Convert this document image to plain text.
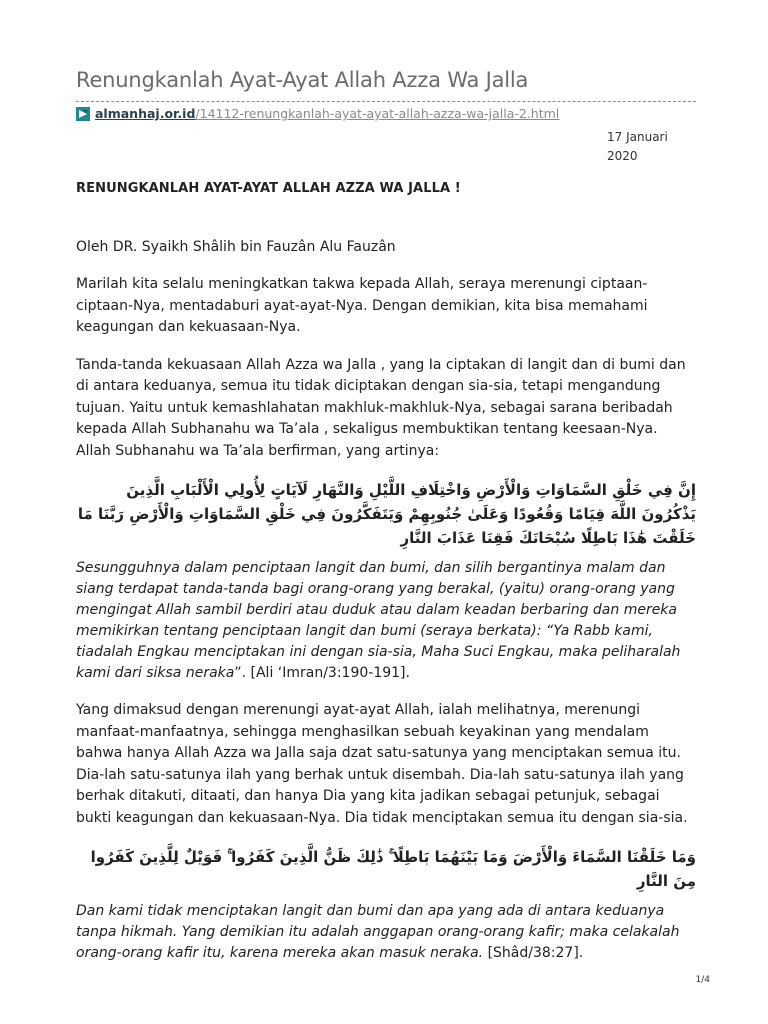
Renungkanlah Ayat-Ayat Allah Azza Wa Jalla
almanhaj.or.id/14112-renungkanlah-ayat-ayat-allah-azza-wa-jalla-2.html
17 Januari 2020

RENUNGKANLAH AYAT-AYAT ALLAH AZZA WA JALLA !

Oleh DR. Syaikh Shâlih bin Fauzân Alu Fauzân

Marilah kita selalu meningkatkan takwa kepada Allah, seraya merenungi ciptaan-ciptaan-Nya, mentadaburi ayat-ayat-Nya. Dengan demikian, kita bisa memahami keagungan dan kekuasaan-Nya.

Tanda-tanda kekuasaan Allah Azza wa Jalla , yang Ia ciptakan di langit dan di bumi dan di antara keduanya, semua itu tidak diciptakan dengan sia-sia, tetapi mengandung tujuan. Yaitu untuk kemashlahatan makhluk-makhluk-Nya, sebagai sarana beribadah kepada Allah Subhanahu wa Ta’ala , sekaligus membuktikan tentang keesaan-Nya. Allah Subhanahu wa Ta’ala berfirman, yang artinya:

إِنَّ فِي خَلْقِ السَّمَاوَاتِ وَالْأَرْضِ وَاخْتِلَافِ اللَّيْلِ وَالنَّهَارِ لَآيَاتٍ لِأُولِي الْأَلْبَابِ الَّذِينَ يَذْكُرُونَ اللَّهَ قِيَامًا وَقُعُودًا وَعَلَىٰ جُنُوبِهِمْ وَيَتَفَكَّرُونَ فِي خَلْقِ السَّمَاوَاتِ وَالْأَرْضِ رَبَّنَا مَا خَلَقْتَ هَٰذَا بَاطِلًا سُبْحَانَكَ فَقِنَا عَذَابَ النَّارِ

Sesungguhnya dalam penciptaan langit dan bumi, dan silih bergantinya malam dan siang terdapat tanda-tanda bagi orang-orang yang berakal, (yaitu) orang-orang yang mengingat Allah sambil berdiri atau duduk atau dalam keadan berbaring dan mereka memikirkan tentang penciptaan langit dan bumi (seraya berkata): “Ya Rabb kami, tiadalah Engkau menciptakan ini dengan sia-sia, Maha Suci Engkau, maka peliharalah kami dari siksa neraka”. [Ali ‘Imran/3:190-191].

Yang dimaksud dengan merenungi ayat-ayat Allah, ialah melihatnya, merenungi manfaat-manfaatnya, sehingga menghasilkan sebuah keyakinan yang mendalam bahwa hanya Allah Azza wa Jalla saja dzat satu-satunya yang menciptakan semua itu. Dia-lah satu-satunya ilah yang berhak untuk disembah. Dia-lah satu-satunya ilah yang berhak ditakuti, ditaati, dan hanya Dia yang kita jadikan sebagai petunjuk, sebagai bukti keagungan dan kekuasaan-Nya. Dia tidak menciptakan semua itu dengan sia-sia.

وَمَا خَلَقْنَا السَّمَاءَ وَالْأَرْضَ وَمَا بَيْنَهُمَا بَاطِلًا ۚ ذَٰلِكَ ظَنُّ الَّذِينَ كَفَرُوا ۚ فَوَيْلٌ لِلَّذِينَ كَفَرُوا مِنَ النَّارِ

Dan kami tidak menciptakan langit dan bumi dan apa yang ada di antara keduanya tanpa hikmah. Yang demikian itu adalah anggapan orang-orang kafir; maka celakalah orang-orang kafir itu, karena mereka akan masuk neraka. [Shâd/38:27].

1/4
